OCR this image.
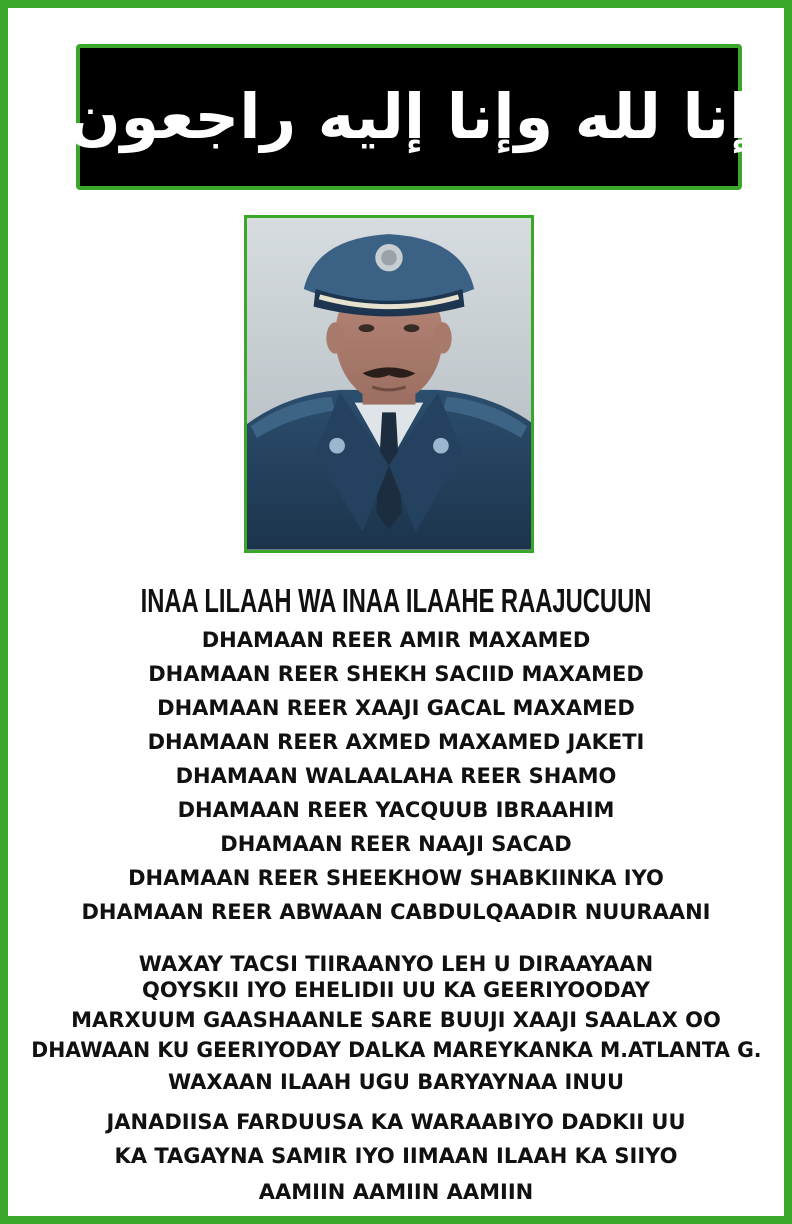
إنا لله وإنا إليه راجعون
INAA LILAAH WA INAA ILAAHE RAAJUCUUN
DHAMAAN REER AMIR MAXAMED
DHAMAAN REER SHEKH SACIID MAXAMED
DHAMAAN REER XAAJI GACAL MAXAMED
DHAMAAN REER AXMED MAXAMED JAKETI
DHAMAAN WALAALAHA REER SHAMO
DHAMAAN REER YACQUUB IBRAAHIM
DHAMAAN REER NAAJI SACAD
DHAMAAN REER SHEEKHOW SHABKIINKA IYO
DHAMAAN REER ABWAAN CABDULQAADIR NUURAANI
WAXAY TACSI TIIRAANYO LEH U DIRAAYAAN
QOYSKII IYO EHELIDII UU KA GEERIYOODAY
MARXUUM GAASHAANLE SARE BUUJI XAAJI SAALAX OO
DHAWAAN KU GEERIYODAY DALKA MAREYKANKA M.ATLANTA G.
WAXAAN ILAAH UGU BARYAYNAA INUU
JANADIISA FARDUUSA KA WARAABIYO DADKII UU
KA TAGAYNA SAMIR IYO IIMAAN ILAAH KA SIIYO
AAMIIN AAMIIN AAMIIN
